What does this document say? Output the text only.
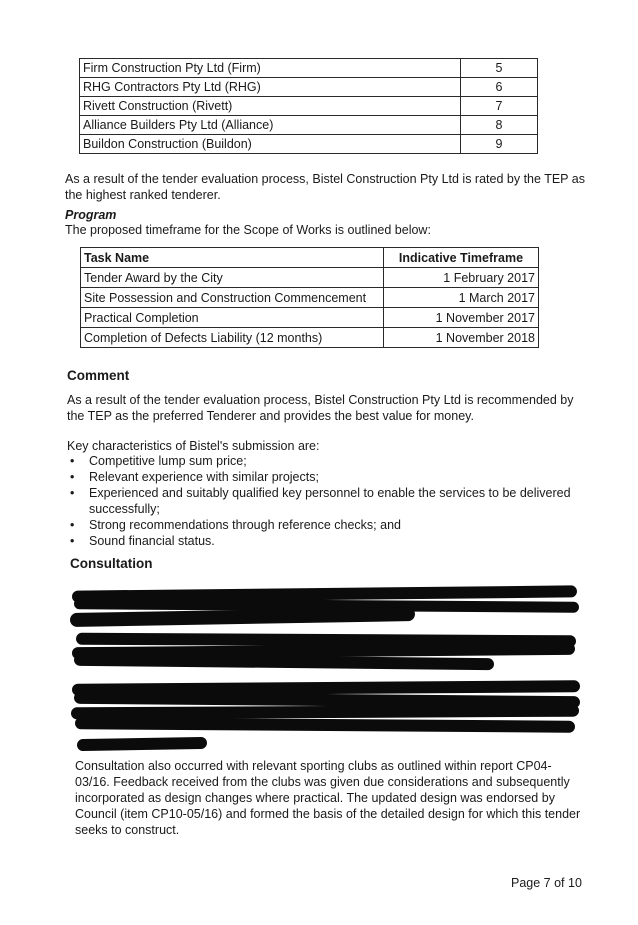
Firm Construction Pty Ltd (Firm)	5
RHG Contractors Pty Ltd (RHG)	6
Rivett Construction (Rivett)	7
Alliance Builders Pty Ltd (Alliance)	8
Buildon Construction (Buildon)	9

As a result of the tender evaluation process, Bistel Construction Pty Ltd is rated by the TEP as the highest ranked tenderer.

Program

The proposed timeframe for the Scope of Works is outlined below:

Task Name	Indicative Timeframe
Tender Award by the City	1 February 2017
Site Possession and Construction Commencement	1 March 2017
Practical Completion	1 November 2017
Completion of Defects Liability (12 months)	1 November 2018
Comment

As a result of the tender evaluation process, Bistel Construction Pty Ltd is recommended by the TEP as the preferred Tenderer and provides the best value for money.

Key characteristics of Bistel's submission are:

• Competitive lump sum price;
• Relevant experience with similar projects;
• Experienced and suitably qualified key personnel to enable the services to be delivered successfully;
• Strong recommendations through reference checks; and
• Sound financial status.
Consultation

Consultation also occurred with relevant sporting clubs as outlined within report CP04-03/16. Feedback received from the clubs was given due considerations and subsequently incorporated as design changes where practical. The updated design was endorsed by Council (item CP10-05/16) and formed the basis of the detailed design for which this tender seeks to construct.

Page 7 of 10
